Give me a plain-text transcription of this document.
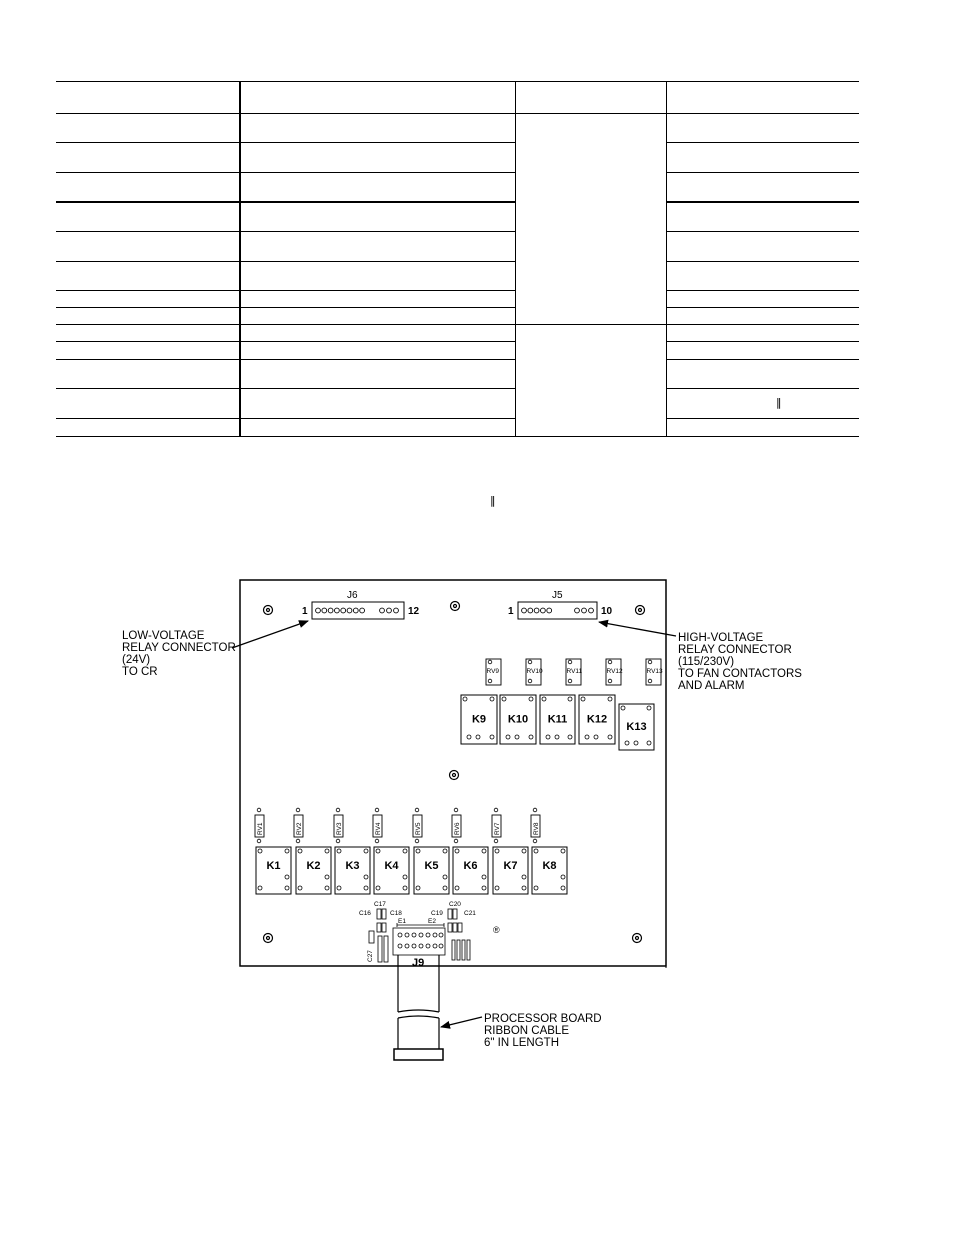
‖
‖
LOW-VOLTAGE
RELAY CONNECTOR
(24V)
TO CR
HIGH-VOLTAGE
RELAY CONNECTOR
(115/230V)
TO FAN CONTACTORS
AND ALARM
PROCESSOR BOARD
RIBBON CABLE
6" IN LENGTH
J6
1	12
J5
1	10
RV9	RV10	RV11	RV12	RV13
K9 K10 K11 K12
K13
RV1	RV2	RV3	RV4	RV5	RV6	RV7	RV8
K1 K2 K3 K4 K5 K6 K7 K8
C17
C16	C18
C20
C19	C21
C27
E1	E2
®
J9
